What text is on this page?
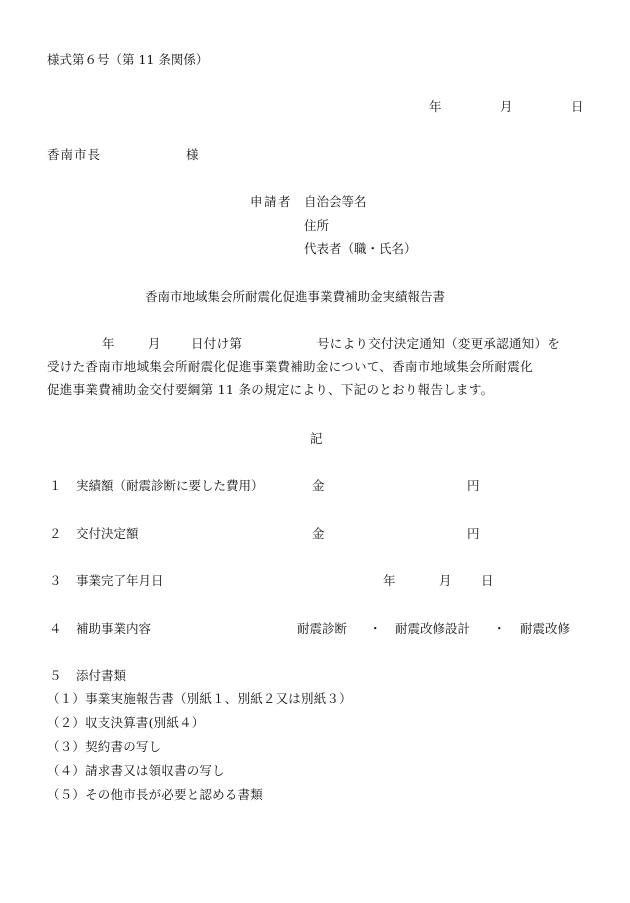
様式第６号（第 11 条関係）
年	月	日
香南市長	様
申請者 自治会等名
住所
代表者（職・氏名）
香南市地域集会所耐震化促進事業費補助金実績報告書
年	月 日付け第	号により交付決定通知（変更承認通知）を
受けた香南市地域集会所耐震化促進事業費補助金について、香南市地域集会所耐震化
促進事業費補助金交付要綱第 11 条の規定により、下記のとおり報告します。
記
１ 実績額（耐震診断に要した費用）	金	円
２ 交付決定額	金	円
３ 事業完了年月日	年	月 日
４ 補助事業内容	耐震診断 ・ 耐震改修設計 ・ 耐震改修
５ 添付書類
（１）事業実施報告書（別紙１、別紙２又は別紙３）
（２）収支決算書(別紙４）
（３）契約書の写し
（４）請求書又は領収書の写し
（５）その他市長が必要と認める書類
